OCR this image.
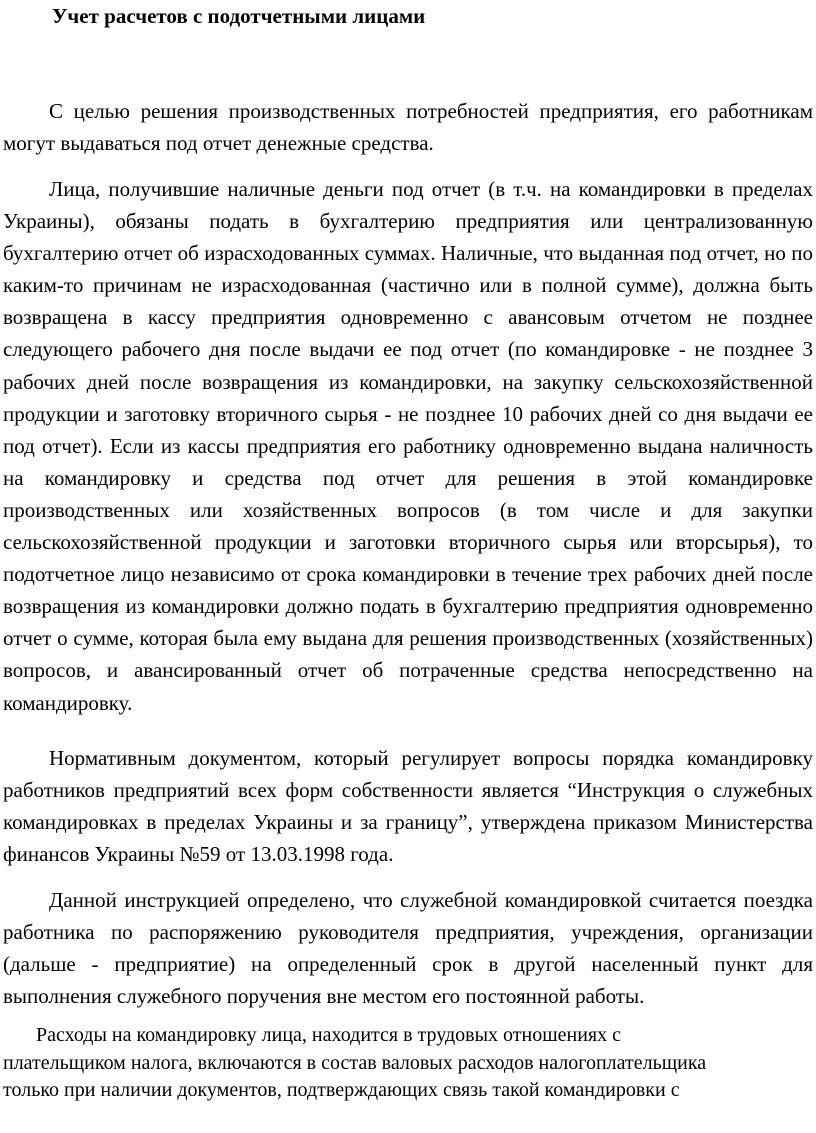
Учет расчетов с подотчетными лицами

С целью решения производственных потребностей предприятия, его работникам могут выдаваться под отчет денежные средства.

Лица, получившие наличные деньги под отчет (в т.ч. на командировки в пределах Украины), обязаны подать в бухгалтерию предприятия или централизованную бухгалтерию отчет об израсходованных суммах. Наличные, что выданная под отчет, но по каким-то причинам не израсходованная (частично или в полной сумме), должна быть возвращена в кассу предприятия одновременно с авансовым отчетом не позднее следующего рабочего дня после выдачи ее под отчет (по командировке - не позднее 3 рабочих дней после возвращения из командировки, на закупку сельскохозяйственной продукции и заготовку вторичного сырья - не позднее 10 рабочих дней со дня выдачи ее под отчет). Если из кассы предприятия его работнику одновременно выдана наличность на командировку и средства под отчет для решения в этой командировке производственных или хозяйственных вопросов (в том числе и для закупки сельскохозяйственной продукции и заготовки вторичного сырья или вторсырья), то подотчетное лицо независимо от срока командировки в течение трех рабочих дней после возвращения из командировки должно подать в бухгалтерию предприятия одновременно отчет о сумме, которая была ему выдана для решения производственных (хозяйственных) вопросов, и авансированный отчет об потраченные средства непосредственно на командировку.

Нормативным документом, который регулирует вопросы порядка командировку работников предприятий всех форм собственности является “Инструкция о служебных командировках в пределах Украины и за границу”, утверждена приказом Министерства финансов Украины №59 от 13.03.1998 года.

Данной инструкцией определено, что служебной командировкой считается поездка работника по распоряжению руководителя предприятия, учреждения, организации (дальше - предприятие) на определенный срок в другой населенный пункт для выполнения служебного поручения вне местом его постоянной работы.

Расходы на командировку лица, находится в трудовых отношениях с плательщиком налога, включаются в состав валовых расходов налогоплательщика только при наличии документов, подтверждающих связь такой командировки с
